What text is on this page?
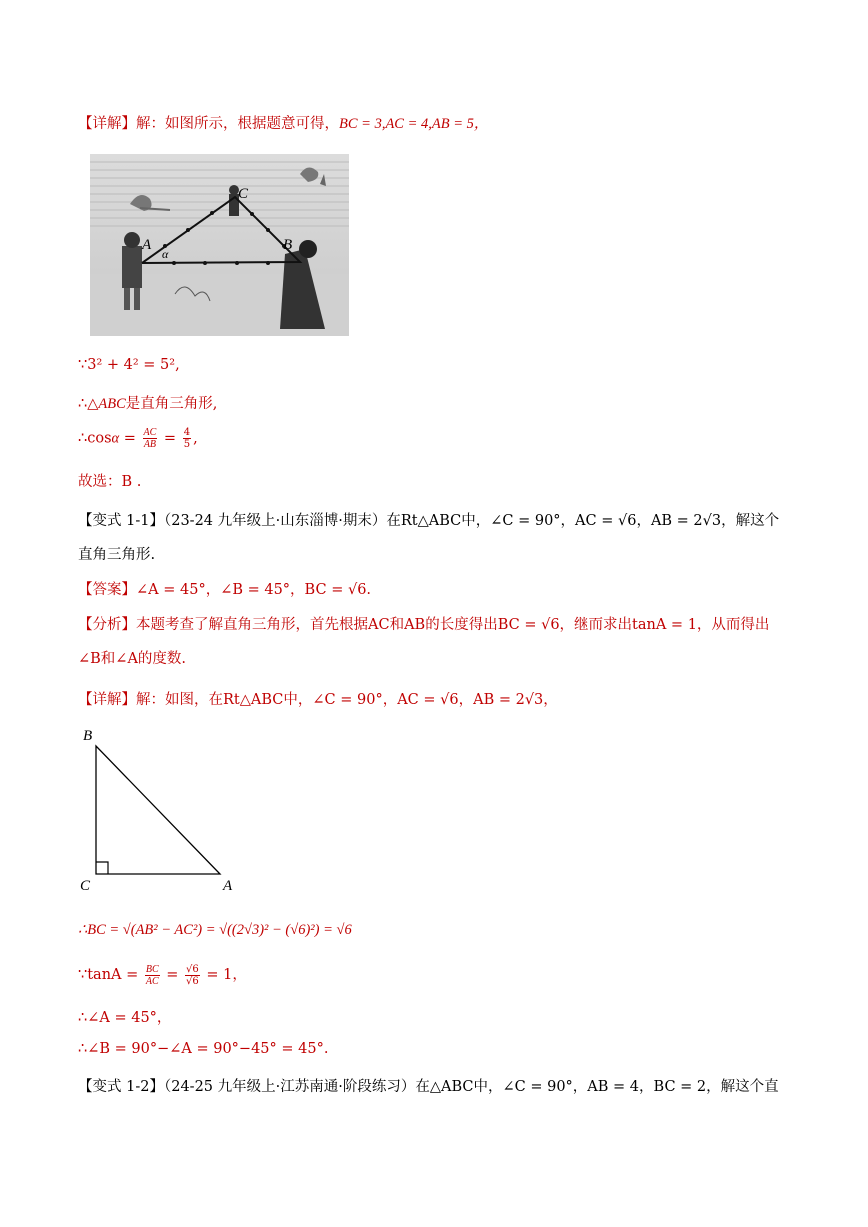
【详解】解：如图所示，根据题意可得，BC = 3,AC = 4,AB = 5，
A
α
B
C
∵3² + 4² = 5²,
∴△ABC是直角三角形,
∴cosα = $\frac{AC}{AB} = \frac{4}{5}$ ,
故选：B .
【变式 1-1】（23-24 九年级上·山东淄博·期末）在Rt△ABC中，∠C = 90°，AC = √6，AB = 2√3，解这个
直角三角形.
【答案】∠A = 45°，∠B = 45°，BC = √6.
【分析】本题考查了解直角三角形，首先根据AC和AB的长度得出BC = √6，继而求出tanA = 1，从而得出
∠B和∠A的度数.
【详解】解：如图，在Rt△ABC中，∠C = 90°，AC = √6，AB = 2√3，
B
C	A
∴BC = √(AB² − AC²) = √((2√3)² − (√6)²) = √6
∵tanA = $\frac{BC}{AC} = \frac{√6}{√6} = 1$，
∴∠A = 45°，
∴∠B = 90°−∠A = 90°−45° = 45°.
【变式 1-2】（24-25 九年级上·江苏南通·阶段练习）在△ABC中，∠C = 90°，AB = 4，BC = 2，解这个直
